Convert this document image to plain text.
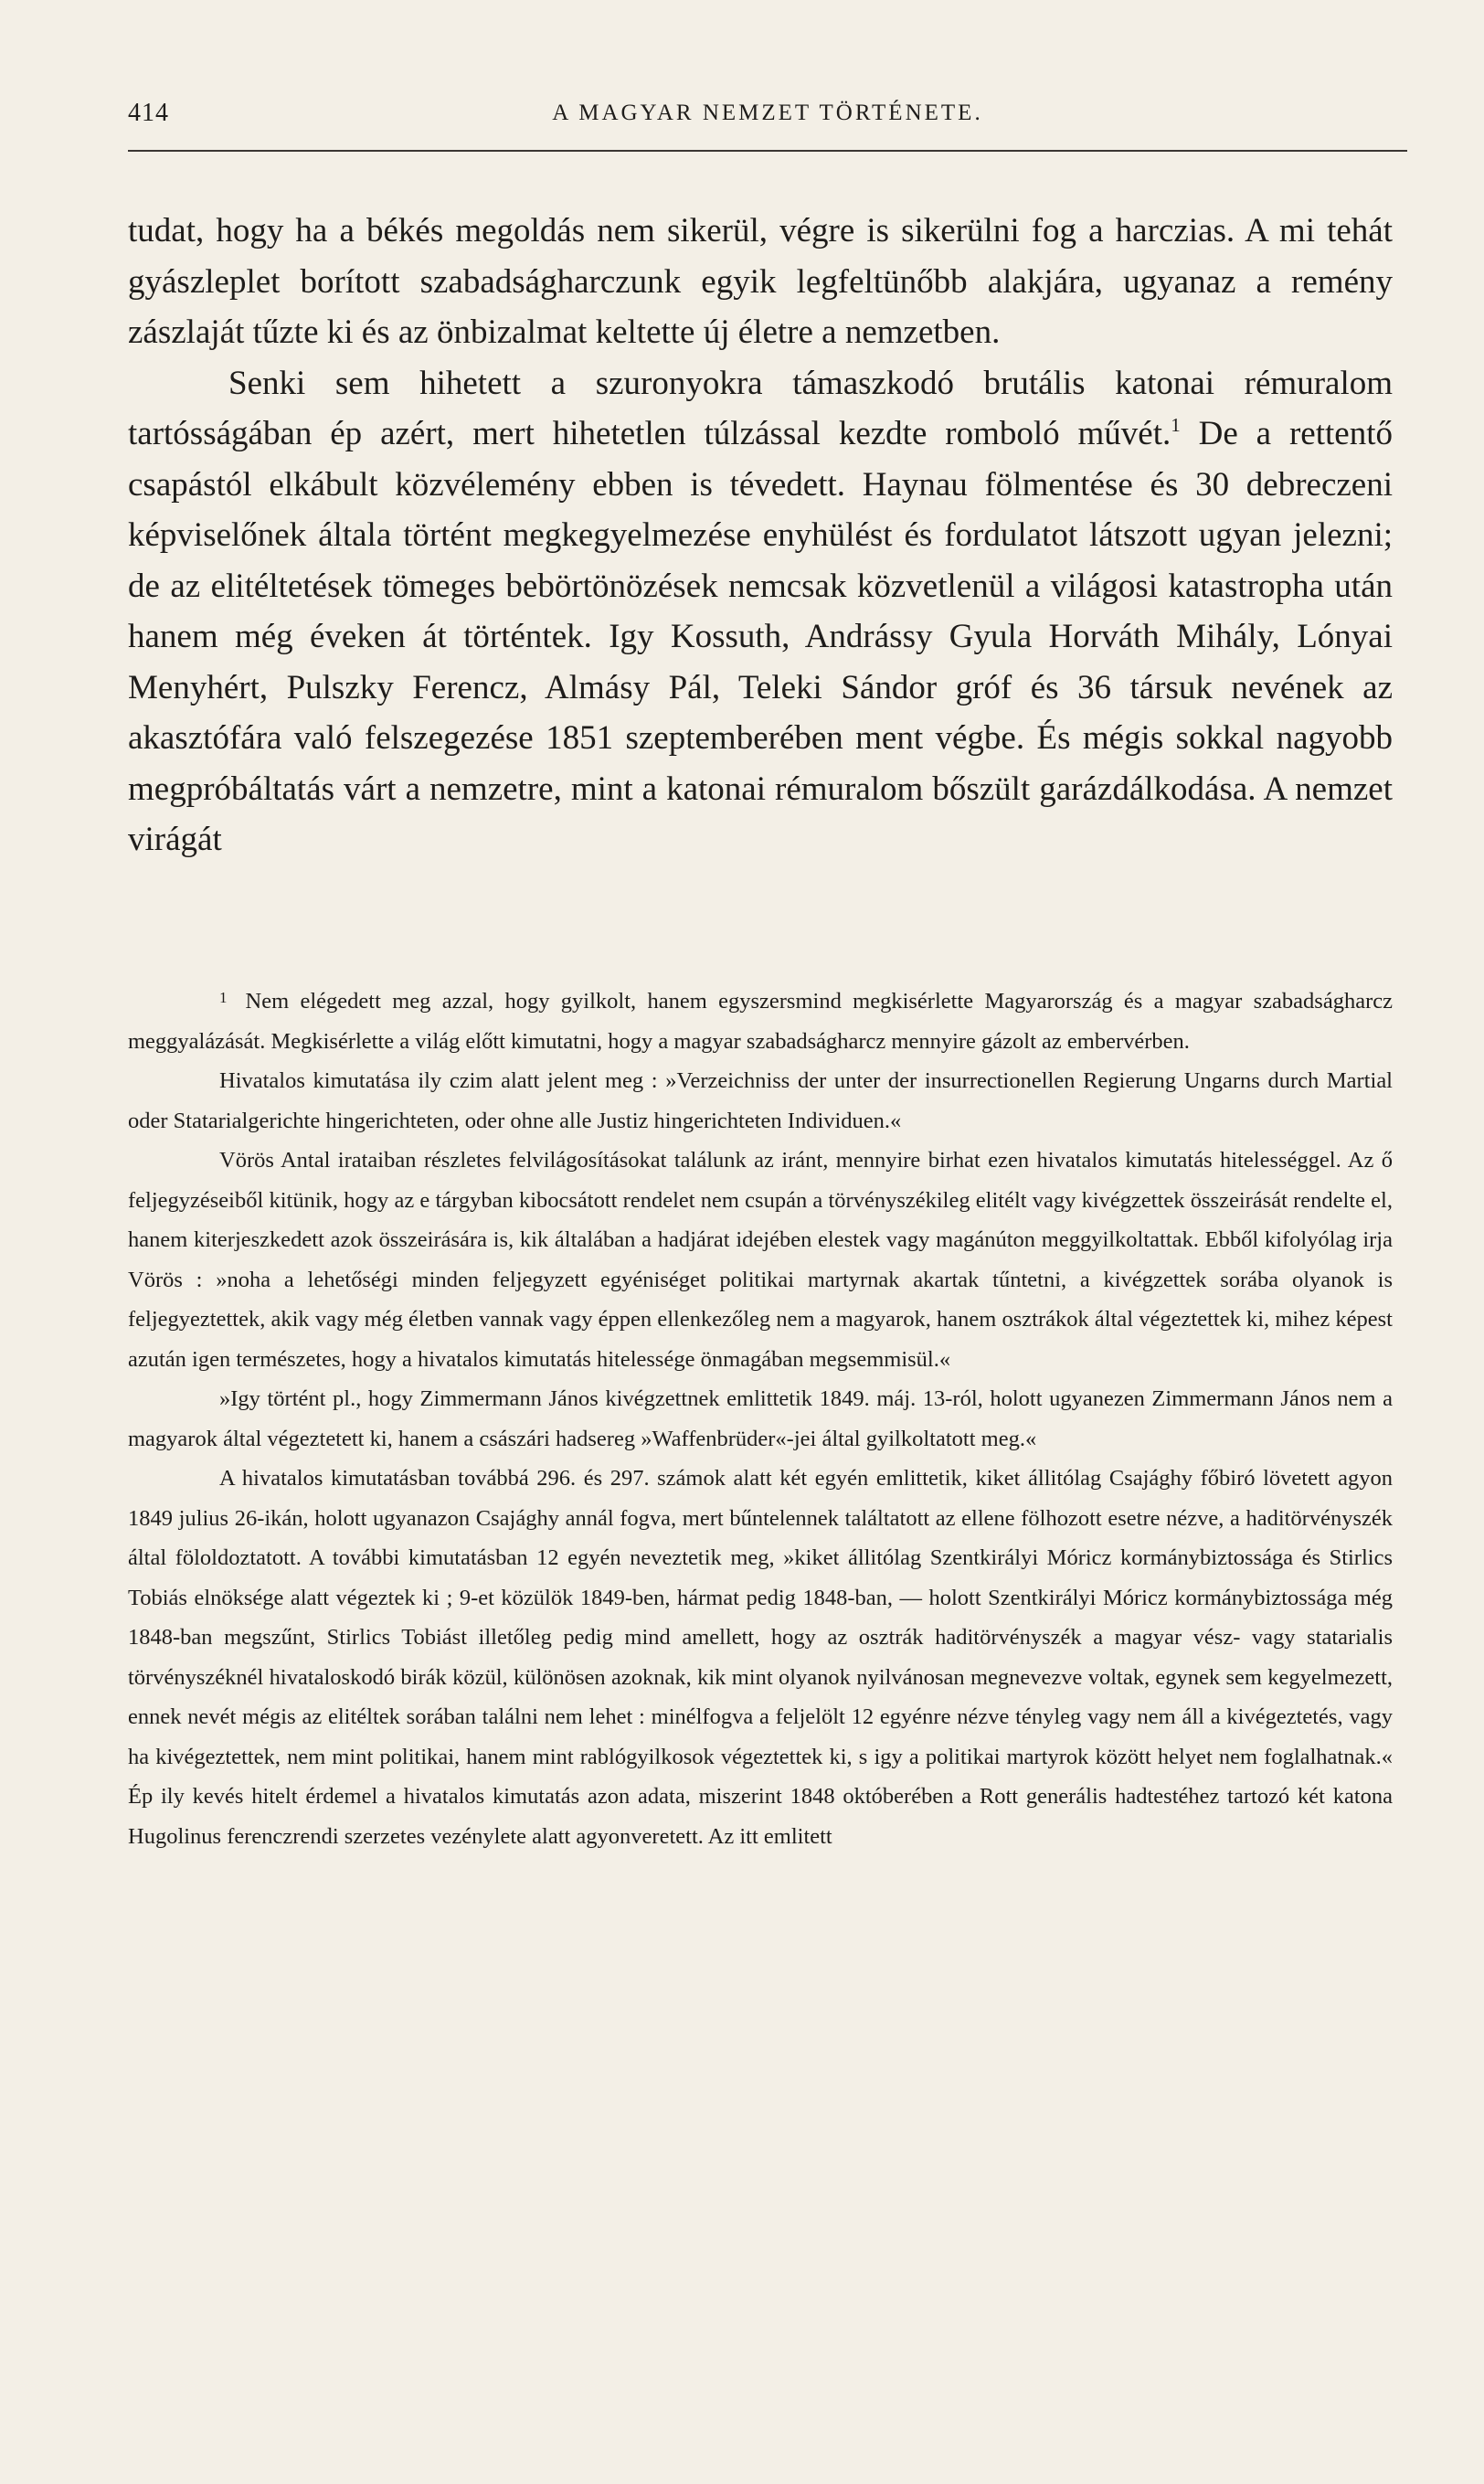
414	A MAGYAR NEMZET TÖRTÉNETE.

tudat, hogy ha a békés megoldás nem sikerül, végre is sikerülni fog a harczias. A mi tehát gyászleplet borított szabadságharczunk egyik legfeltünőbb alakjára, ugyanaz a remény zászlaját tűzte ki és az önbizalmat keltette új életre a nemzetben.

Senki sem hihetett a szuronyokra támaszkodó brutális katonai rémuralom tartósságában ép azért, mert hihetetlen túlzással kezdte romboló művét.$^1$ De a rettentő csapástól elkábult közvélemény ebben is tévedett. Haynau fölmentése és 30 debreczeni képviselőnek általa történt megkegyelmezése enyhülést és fordulatot látszott ugyan jelezni; de az elitéltetések tömeges bebörtönözések nemcsak közvetlenül a világosi katastropha után hanem még éveken át történtek. Igy Kossuth, Andrássy Gyula Horváth Mihály, Lónyai Menyhért, Pulszky Ferencz, Almásy Pál, Teleki Sándor gróf és 36 társuk nevének az akasztófára való felszegezése 1851 szeptemberében ment végbe. És mégis sokkal nagyobb megpróbáltatás várt a nemzetre, mint a katonai rémuralom bőszült garázdálkodása. A nemzet virágát

$^1$ Nem elégedett meg azzal, hogy gyilkolt, hanem egyszersmind megkisérlette Magyarország és a magyar szabadságharcz meggyalázását. Megkisérlette a világ előtt kimutatni, hogy a magyar szabadságharcz mennyire gázolt az embervérben.

Hivatalos kimutatása ily czim alatt jelent meg : »Verzeichniss der unter der insurrectionellen Regierung Ungarns durch Martial oder Statarialgerichte hingerichteten, oder ohne alle Justiz hingerichteten Individuen.«

Vörös Antal irataiban részletes felvilágosításokat találunk az iránt, mennyire birhat ezen hivatalos kimutatás hitelességgel. Az ő feljegyzéseiből kitünik, hogy az e tárgyban kibocsátott rendelet nem csupán a törvényszékileg elitélt vagy kivégzettek összeirását rendelte el, hanem kiterjeszkedett azok összeirására is, kik általában a hadjárat idejében elestek vagy magánúton meggyilkoltattak. Ebből kifolyólag irja Vörös : »noha a lehetőségi minden feljegyzett egyéniséget politikai martyrnak akartak tűntetni, a kivégzettek sorába olyanok is feljegyeztettek, akik vagy még életben vannak vagy éppen ellenkezőleg nem a magyarok, hanem osztrákok által végeztettek ki, mihez képest azután igen természetes, hogy a hivatalos kimutatás hitelessége önmagában megsemmisül.«

»Igy történt pl., hogy Zimmermann János kivégzettnek emlittetik 1849. máj. 13-ról, holott ugyanezen Zimmermann János nem a magyarok által végeztetett ki, hanem a császári hadsereg »Waffenbrüder«-jei által gyilkoltatott meg.«

A hivatalos kimutatásban továbbá 296. és 297. számok alatt két egyén emlittetik, kiket állitólag Csajághy főbiró lövetett agyon 1849 julius 26-ikán, holott ugyanazon Csajághy annál fogva, mert bűntelennek találtatott az ellene fölhozott esetre nézve, a haditörvényszék által föloldoztatott. A további kimutatásban 12 egyén neveztetik meg, »kiket állitólag Szentkirályi Móricz kormánybiztossága és Stirlics Tobiás elnöksége alatt végeztek ki ; 9-et közülök 1849-ben, hármat pedig 1848-ban, — holott Szentkirályi Móricz kormánybiztossága még 1848-ban megszűnt, Stirlics Tobiást illetőleg pedig mind amellett, hogy az osztrák haditörvényszék a magyar vész- vagy statarialis törvényszéknél hivataloskodó birák közül, különösen azoknak, kik mint olyanok nyilvánosan megnevezve voltak, egynek sem kegyelmezett, ennek nevét mégis az elitéltek sorában találni nem lehet : minélfogva a feljelölt 12 egyénre nézve tényleg vagy nem áll a kivégeztetés, vagy ha kivégeztettek, nem mint politikai, hanem mint rablógyilkosok végeztettek ki, s igy a politikai martyrok között helyet nem foglalhatnak.« Ép ily kevés hitelt érdemel a hivatalos kimutatás azon adata, miszerint 1848 októberében a Rott generális hadtestéhez tartozó két katona Hugolinus ferenczrendi szerzetes vezénylete alatt agyonveretett. Az itt emlitett
